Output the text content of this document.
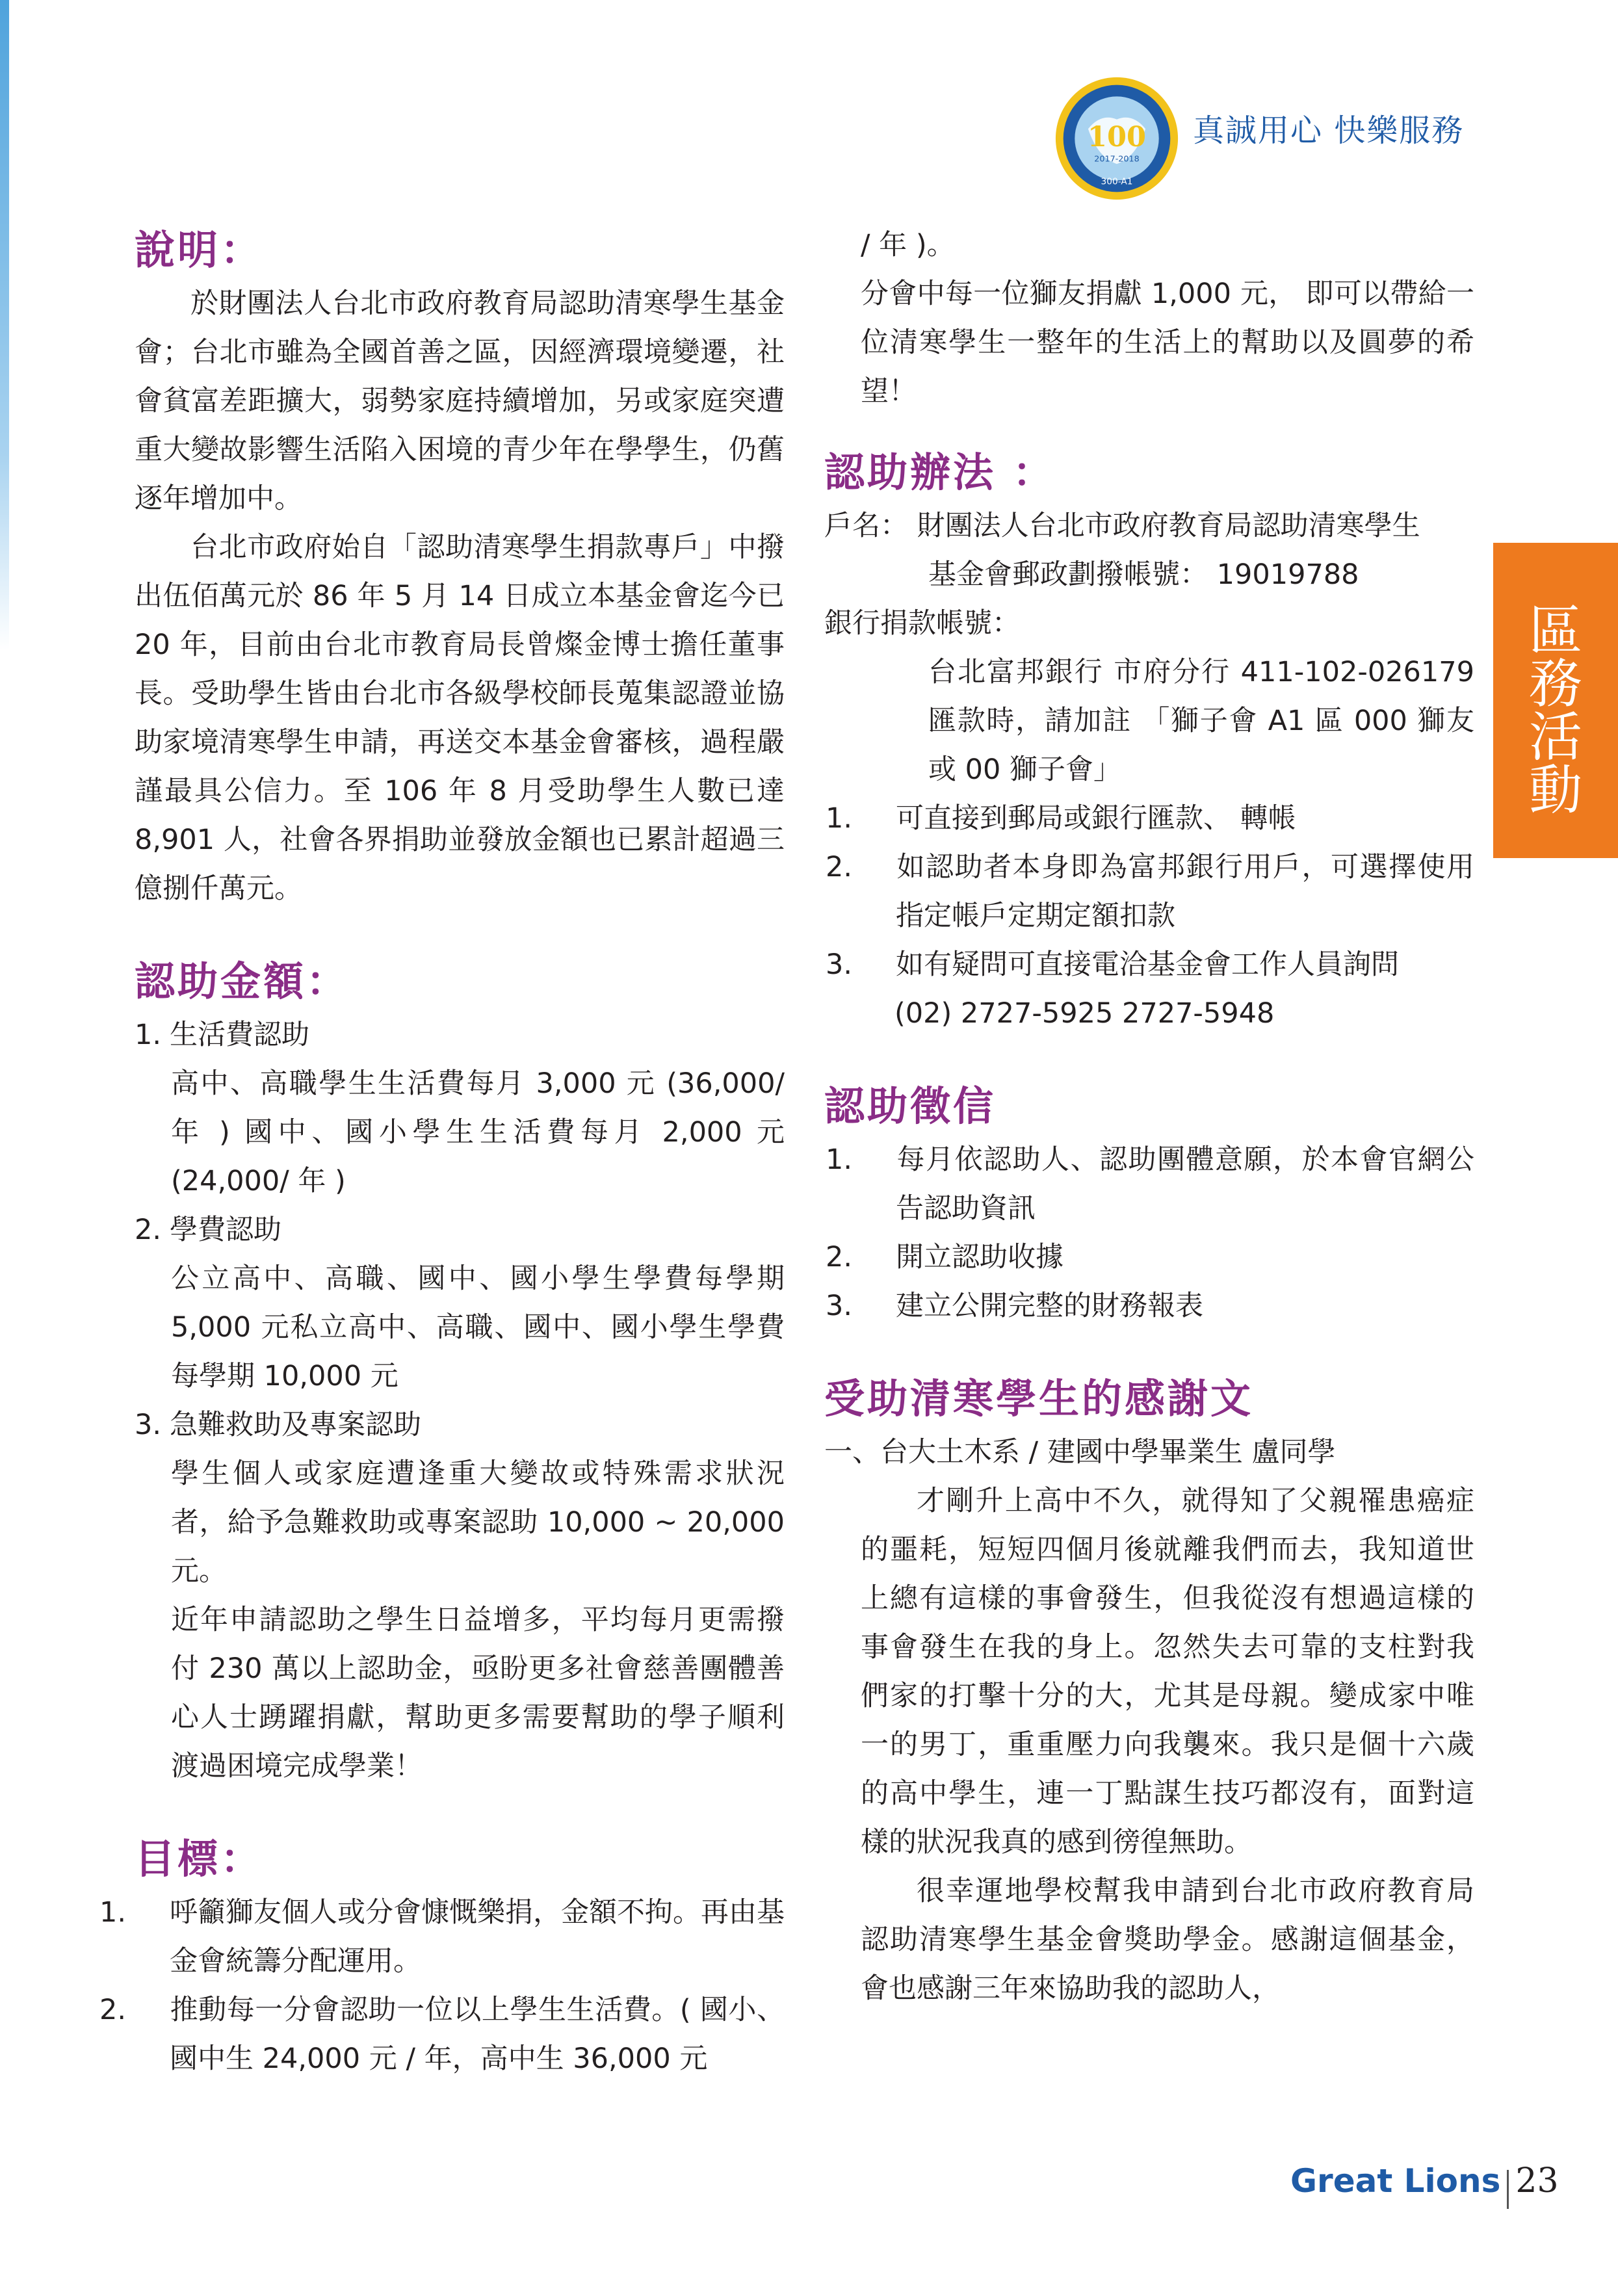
100
2017-2018
300-A1
真誠用心 快樂服務
區
務
活
動
說明：

於財團法人台北市政府教育局認助清寒學生基金會；台北市雖為全國首善之區，因經濟環境變遷，社會貧富差距擴大，弱勢家庭持續增加，另或家庭突遭重大變故影響生活陷入困境的青少年在學學生，仍舊逐年增加中。

台北市政府始自「認助清寒學生捐款專戶」中撥出伍佰萬元於 86 年 5 月 14 日成立本基金會迄今已 20 年，目前由台北市教育局長曾燦金博士擔任董事長。受助學生皆由台北市各級學校師長蒐集認證並協助家境清寒學生申請，再送交本基金會審核，過程嚴謹最具公信力。至 106 年 8 月受助學生人數已達 8,901 人，社會各界捐助並發放金額也已累計超過三億捌仟萬元。

認助金額：

1. 生活費認助

高中、高職學生生活費每月 3,000 元 (36,000/ 年 ) 國中、國小學生生活費每月 2,000 元 (24,000/ 年 )

2. 學費認助

公立高中、高職、國中、國小學生學費每學期 5,000 元私立高中、高職、國中、國小學生學費每學期 10,000 元

3. 急難救助及專案認助

學生個人或家庭遭逢重大變故或特殊需求狀況者，給予急難救助或專案認助 10,000 ~ 20,000 元。

近年申請認助之學生日益增多，平均每月更需撥付 230 萬以上認助金，亟盼更多社會慈善團體善心人士踴躍捐獻，幫助更多需要幫助的學子順利渡過困境完成學業！

目標：

1. 呼籲獅友個人或分會慷慨樂捐，金額不拘。再由基金會統籌分配運用。

2. 推動每一分會認助一位以上學生生活費。( 國小、國中生 24,000 元 / 年，高中生 36,000 元

/ 年 )。

分會中每一位獅友捐獻 1,000 元， 即可以帶給一位清寒學生一整年的生活上的幫助以及圓夢的希望！

認助辦法 ：

戶名： 財團法人台北市政府教育局認助清寒學生

基金會郵政劃撥帳號： 19019788

銀行捐款帳號：

台北富邦銀行 市府分行 411-102-026179 匯款時，請加註 「獅子會 A1 區 000 獅友或 00 獅子會」

1. 可直接到郵局或銀行匯款、 轉帳

2. 如認助者本身即為富邦銀行用戶，可選擇使用指定帳戶定期定額扣款

3. 如有疑問可直接電洽基金會工作人員詢問

(02) 2727-5925 2727-5948

認助徵信

1. 每月依認助人、認助團體意願，於本會官網公告認助資訊

2. 開立認助收據

3. 建立公開完整的財務報表

受助清寒學生的感謝文

一、台大土木系 / 建國中學畢業生 盧同學

才剛升上高中不久，就得知了父親罹患癌症的噩耗，短短四個月後就離我們而去，我知道世上總有這樣的事會發生，但我從沒有想過這樣的事會發生在我的身上。忽然失去可靠的支柱對我們家的打擊十分的大，尤其是母親。變成家中唯一的男丁，重重壓力向我襲來。我只是個十六歲的高中學生，連一丁點謀生技巧都沒有，面對這樣的狀況我真的感到徬徨無助。

很幸運地學校幫我申請到台北市政府教育局認助清寒學生基金會獎助學金。感謝這個基金，會也感謝三年來協助我的認助人，

Great Lions 23
